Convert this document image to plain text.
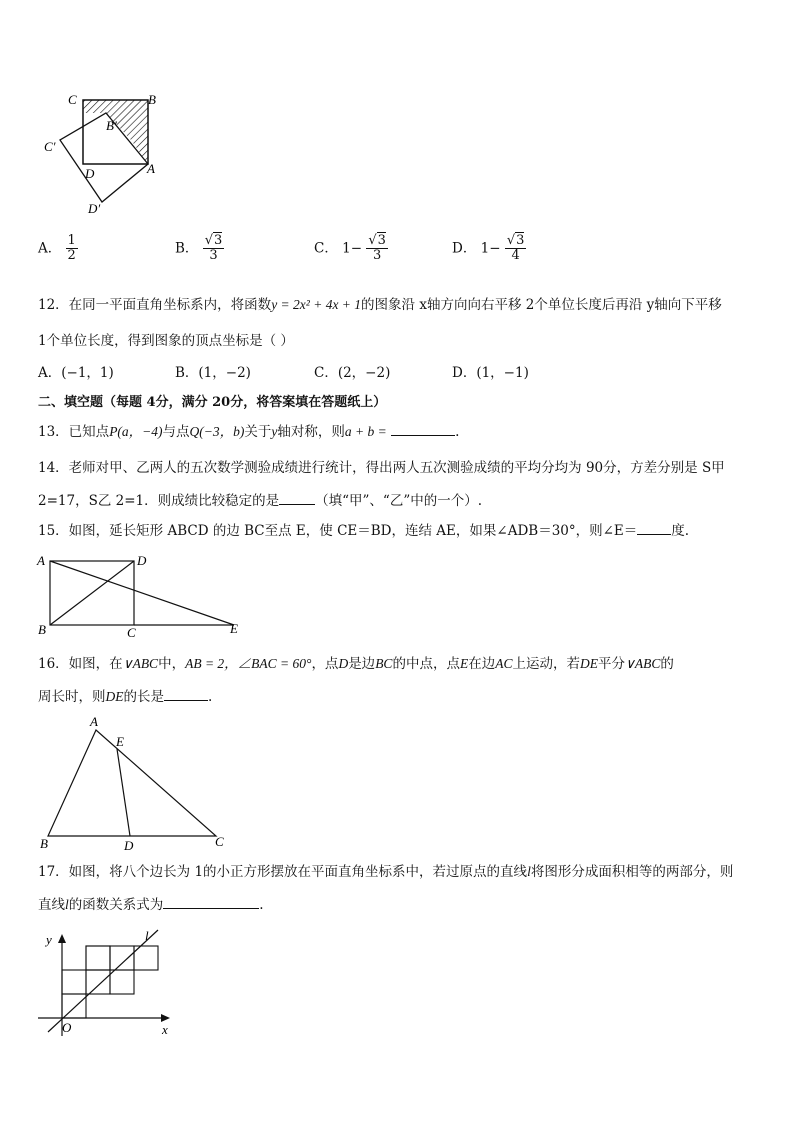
C	B
B′
C′
D	A
D′
A． $\frac{1}{2}$	B． $\frac{√3}{3}$	C． $1- \frac{√3}{3}$	D． $1- \frac{√3}{4}$
12．在同一平面直角坐标系内，将函数y = 2x² + 4x + 1的图象沿 x轴方向向右平移 2个单位长度后再沿 y轴向下平移
1个单位长度，得到图象的顶点坐标是（ ）
A．(−1，1)	B．(1，−2)	C．(2，−2)	D．(1，−1)
二、填空题（每题 4分，满分 20分，将答案填在答题纸上）
13．已知点P(a，−4)与点Q(−3，b)关于y轴对称，则a + b =	.
14．老师对甲、乙两人的五次数学测验成绩进行统计，得出两人五次测验成绩的平均分均为 90分，方差分别是 S甲
2=17，S乙 2=1．则成绩比较稳定的是	（填“甲”、“乙”中的一个）.
15．如图，延长矩形 ABCD 的边 BC至点 E，使 CE＝BD，连结 AE，如果∠ADB＝30°，则∠E＝	度.
A	D
B	C	E
16．如图，在∨ABC中，AB = 2，∠BAC = 60°，点D是边BC的中点，点E在边AC上运动，若DE平分∨ABC的
周长时，则DE的长是	.
A
E
B	D	C
17．如图，将八个边长为 1的小正方形摆放在平面直角坐标系中，若过原点的直线l将图形分成面积相等的两部分，则
直线l的函数关系式为	.
y	l
O	x
